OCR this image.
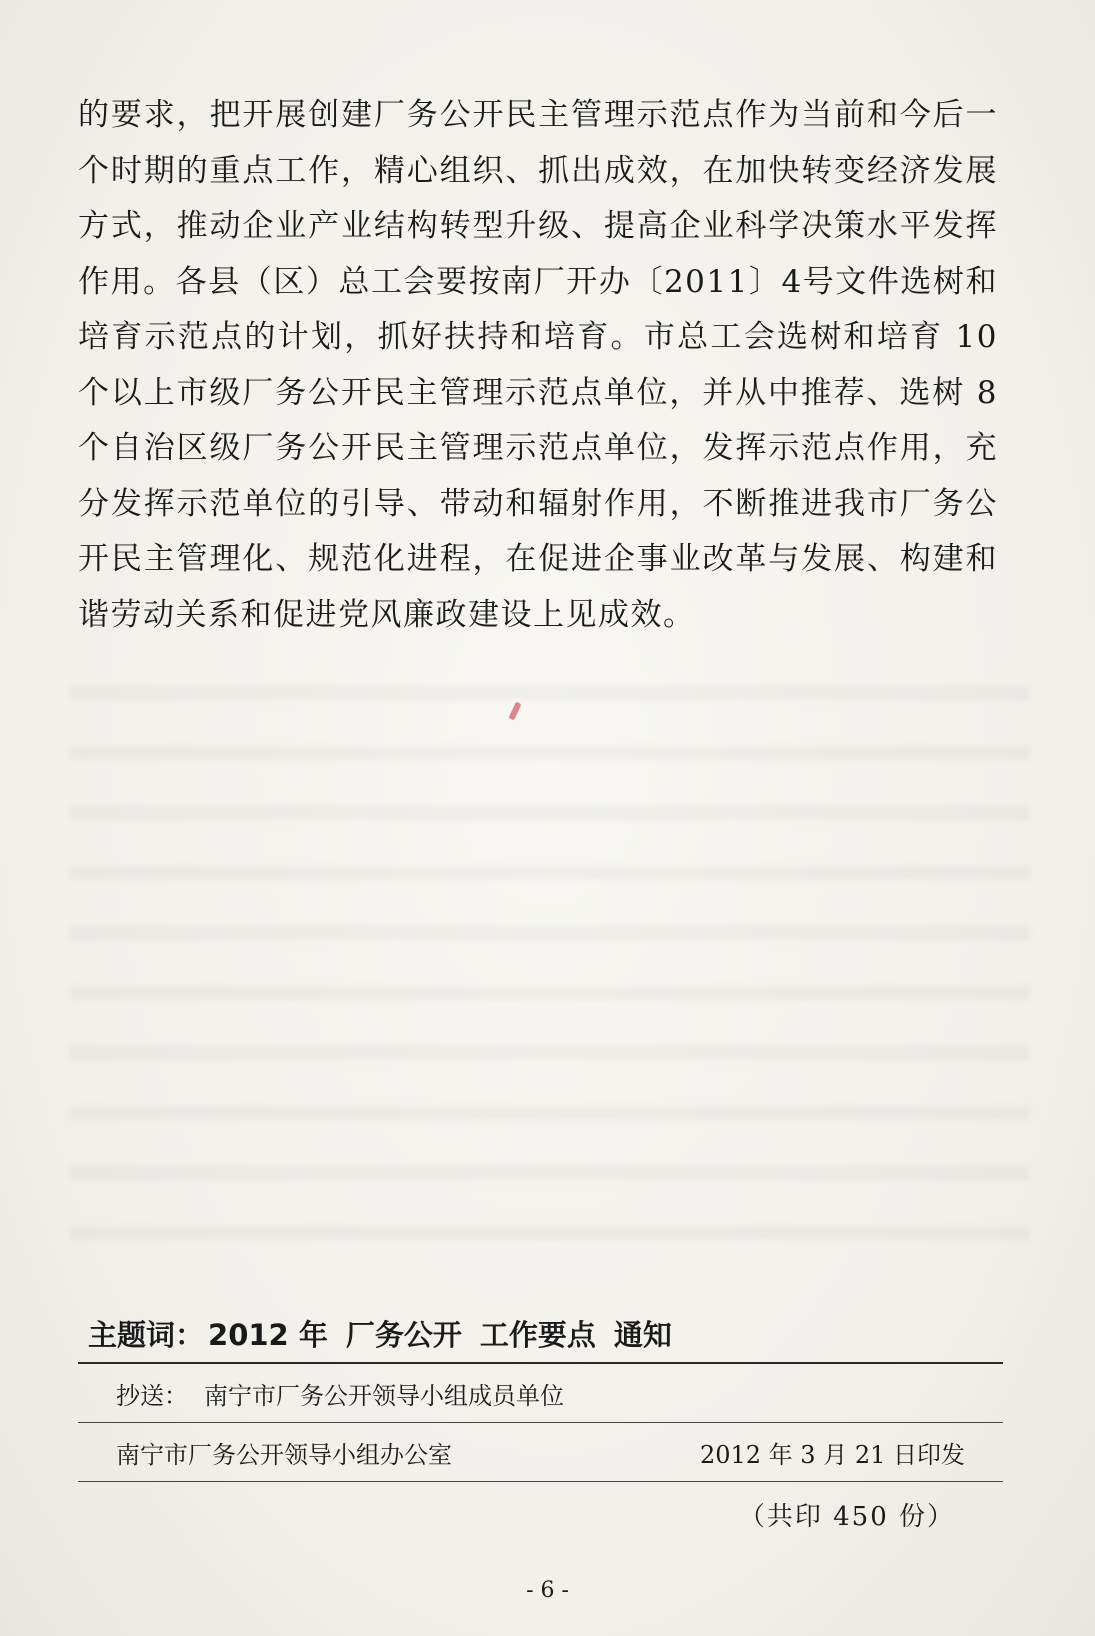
的要求，把开展创建厂务公开民主管理示范点作为当前和今后一
个时期的重点工作，精心组织、抓出成效，在加快转变经济发展
方式，推动企业产业结构转型升级、提高企业科学决策水平发挥
作用。各县（区）总工会要按南厂开办〔2011〕4号文件选树和
培育示范点的计划，抓好扶持和培育。市总工会选树和培育 10
个以上市级厂务公开民主管理示范点单位，并从中推荐、选树 8
个自治区级厂务公开民主管理示范点单位，发挥示范点作用，充
分发挥示范单位的引导、带动和辐射作用，不断推进我市厂务公
开民主管理化、规范化进程，在促进企事业改革与发展、构建和
谐劳动关系和促进党风廉政建设上见成效。
主题词： 2012 年 厂务公开 工作要点 通知
抄送： 南宁市厂务公开领导小组成员单位
南宁市厂务公开领导小组办公室	2012 年 3 月 21 日印发
（共印 450 份）
- 6 -
